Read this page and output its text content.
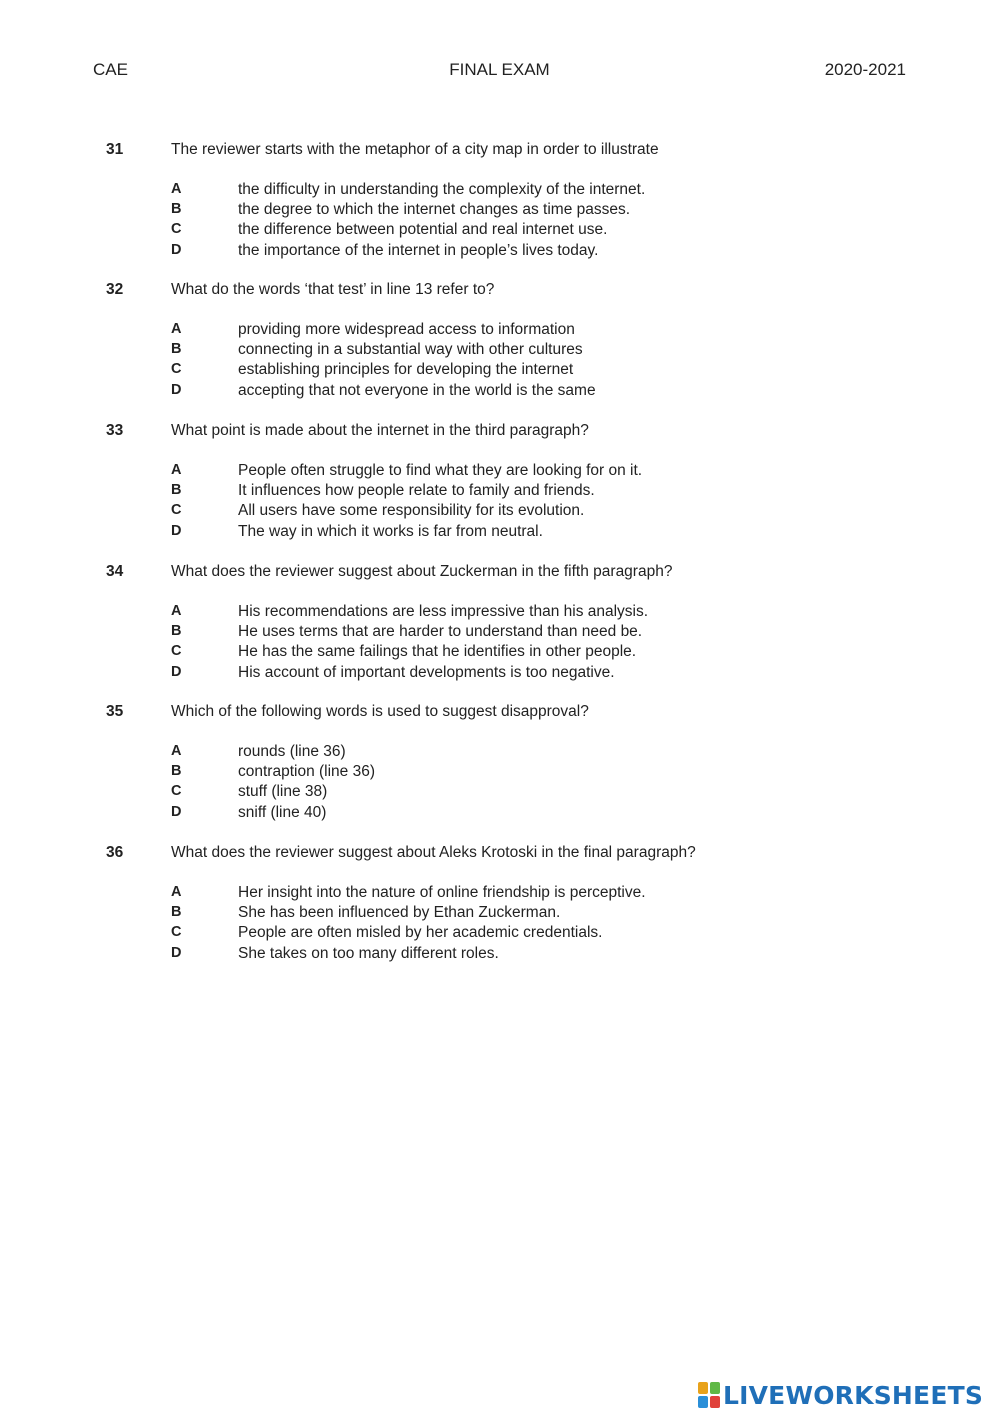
CAE	FINAL EXAM	2020-2021
31	The reviewer starts with the metaphor of a city map in order to illustrate
A	the difficulty in understanding the complexity of the internet.
B	the degree to which the internet changes as time passes.
C	the difference between potential and real internet use.
D	the importance of the internet in people’s lives today.
32	What do the words ‘that test’ in line 13 refer to?
A	providing more widespread access to information
B	connecting in a substantial way with other cultures
C	establishing principles for developing the internet
D	accepting that not everyone in the world is the same
33	What point is made about the internet in the third paragraph?
A	People often struggle to find what they are looking for on it.
B	It influences how people relate to family and friends.
C	All users have some responsibility for its evolution.
D	The way in which it works is far from neutral.
34	What does the reviewer suggest about Zuckerman in the fifth paragraph?
A	His recommendations are less impressive than his analysis.
B	He uses terms that are harder to understand than need be.
C	He has the same failings that he identifies in other people.
D	His account of important developments is too negative.
35	Which of the following words is used to suggest disapproval?
A	rounds (line 36)
B	contraption (line 36)
C	stuff (line 38)
D	sniff (line 40)
36	What does the reviewer suggest about Aleks Krotoski in the final paragraph?
A	Her insight into the nature of online friendship is perceptive.
B	She has been influenced by Ethan Zuckerman.
C	People are often misled by her academic credentials.
D	She takes on too many different roles.
LIVEWORKSHEETS
